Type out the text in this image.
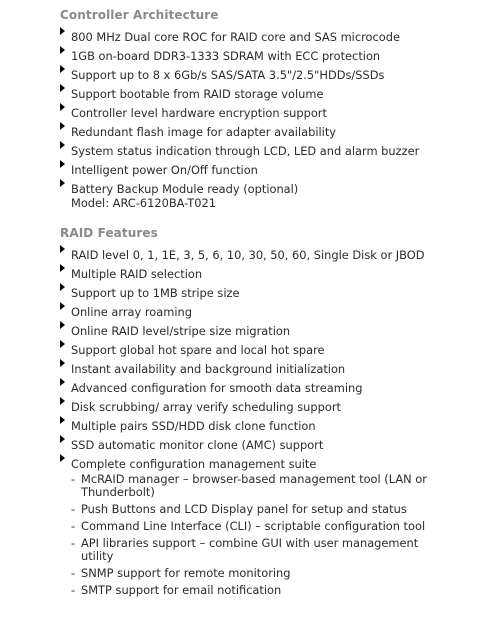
Controller Architecture
800 MHz Dual core ROC for RAID core and SAS microcode
1GB on-board DDR3-1333 SDRAM with ECC protection
Support up to 8 x 6Gb/s SAS/SATA 3.5"/2.5"HDDs/SSDs
Support bootable from RAID storage volume
Controller level hardware encryption support
Redundant flash image for adapter availability
System status indication through LCD, LED and alarm buzzer
Intelligent power On/Off function
Battery Backup Module ready (optional)
Model: ARC-6120BA-T021
RAID Features
RAID level 0, 1, 1E, 3, 5, 6, 10, 30, 50, 60, Single Disk or JBOD
Multiple RAID selection
Support up to 1MB stripe size
Online array roaming
Online RAID level/stripe size migration
Support global hot spare and local hot spare
Instant availability and background initialization
Advanced configuration for smooth data streaming
Disk scrubbing/ array verify scheduling support
Multiple pairs SSD/HDD disk clone function
SSD automatic monitor clone (AMC) support
Complete configuration management suite
- McRAID manager – browser-based management tool (LAN or Thunderbolt)
- Push Buttons and LCD Display panel for setup and status
- Command Line Interface (CLI) – scriptable configuration tool
- API libraries support – combine GUI with user management utility
- SNMP support for remote monitoring
- SMTP support for email notification
